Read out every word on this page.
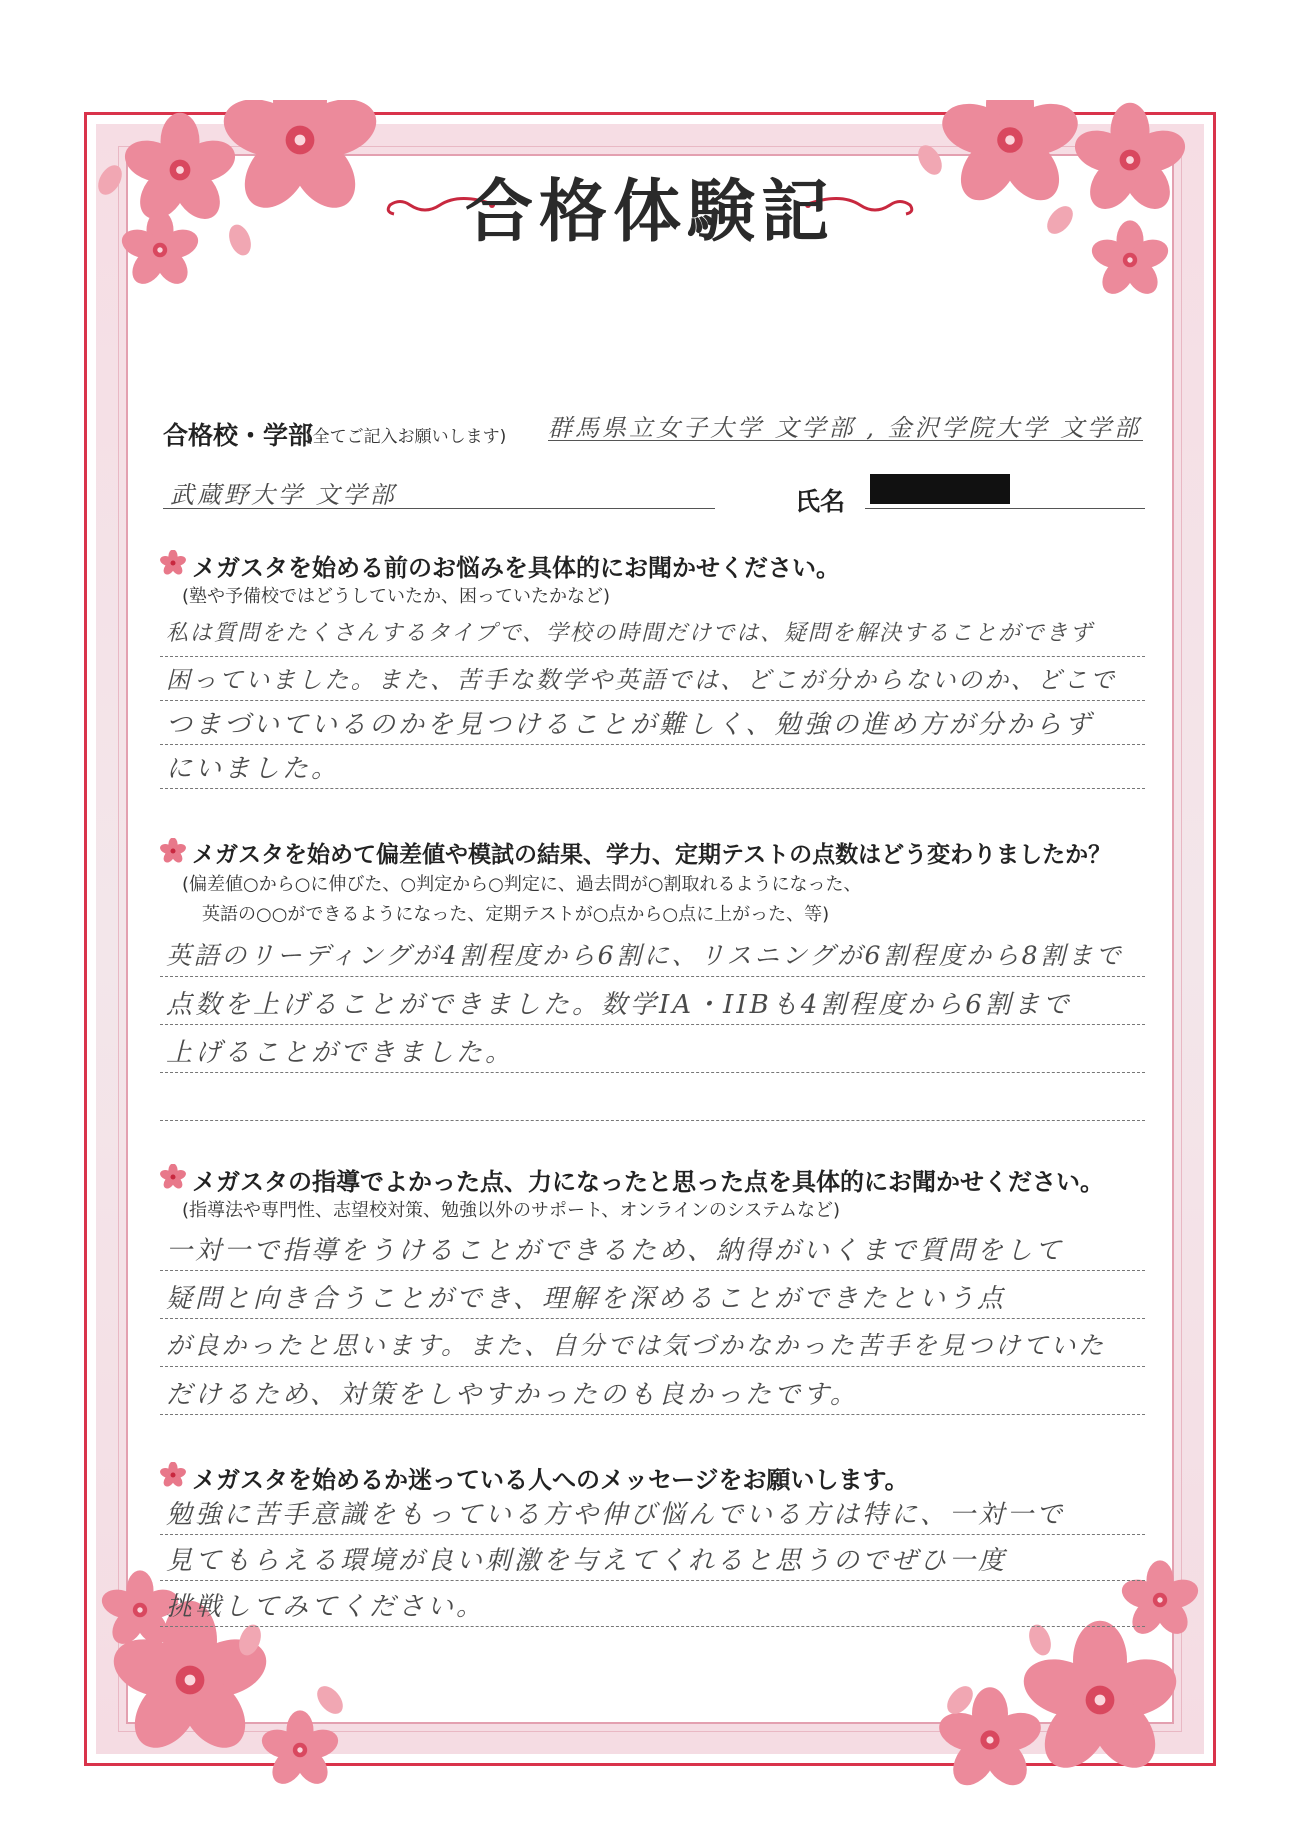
合格体験記
合格校・学部
(全てご記入お願いします) 群馬県立女子大学 文学部 , 金沢学院大学 文学部
武蔵野大学 文学部	氏名
メガスタを始める前のお悩みを具体的にお聞かせください。
(塾や予備校ではどうしていたか、困っていたかなど)
私は質問をたくさんするタイプで、学校の時間だけでは、疑問を解決することができず
困っていました。また、苦手な数学や英語では、どこが分からないのか、どこで
つまづいているのかを見つけることが難しく、勉強の進め方が分からず
にいました。
メガスタを始めて偏差値や模試の結果、学力、定期テストの点数はどう変わりましたか？
(偏差値○から○に伸びた、○判定から○判定に、過去問が○割取れるようになった、
英語の○○ができるようになった、定期テストが○点から○点に上がった、等)
英語のリーディングが4割程度から6割に、リスニングが6割程度から8割まで
点数を上げることができました。数学IA・IIBも4割程度から6割まで
上げることができました。
メガスタの指導でよかった点、力になったと思った点を具体的にお聞かせください。
(指導法や専門性、志望校対策、勉強以外のサポート、オンラインのシステムなど)
一対一で指導をうけることができるため、納得がいくまで質問をして
疑問と向き合うことができ、理解を深めることができたという点
が良かったと思います。また、自分では気づかなかった苦手を見つけていた
だけるため、対策をしやすかったのも良かったです。
メガスタを始めるか迷っている人へのメッセージをお願いします。
勉強に苦手意識をもっている方や伸び悩んでいる方は特に、一対一で
見てもらえる環境が良い刺激を与えてくれると思うのでぜひ一度
挑戦してみてください。
